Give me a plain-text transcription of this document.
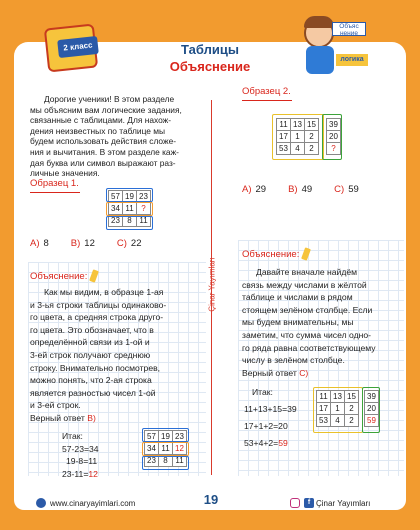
2 класс	Таблицы
Объяснение
Объяс нение
логика
Дорогие ученики! В этом разделе
мы объясним вам логические задания,
связанные с таблицами. Для нахож-
дения неизвестных по таблице мы
будем использовать действия сложе-
ния и вычитания. В этом разделе каж-
дая буква или символ выражают раз-
личные значения.
Образец 1.
57	19	23
34	11	?
23	8	11
A) 8 B) 12 C) 22
Образец 2.
11	13	15		39
17	1	2		20
53	4	2		?
A) 29 B) 49 C) 59
Çinar Yayımları
Объяснение:
Как мы видим, в образце 1-ая
и 3-ья строки таблицы одинаково-
го цвета, а средняя строка друго-
го цвета. Это обозначает, что в
определённой связи из 1-ой и
3-ей строк получают среднюю
строку. Внимательно посмотрев,
можно понять, что 2-ая строка
является разностью чисел 1-ой
и 3-ей строк.
Верный ответ B)
Итак:
57-23=34
19-8=11
23-11=12
57	19	23
34	11	12
23	8	11
Объяснение:
Давайте вначале найдём
связь между числами в жёлтой
таблице и числами в рядом
стоящем зелёном столбце. Если
мы будем внимательны, мы
заметим, что сумма чисел одно-
го ряда равна соответствующему
числу в зелёном столбце.
Верный ответ C)
Итак:
11+13+15=39
17+1+2=20
53+4+2=59
11	13	15		39
17	1	2		20
53	4	2		59
www.cinaryayimlari.com	19	f Çinar Yayımları
